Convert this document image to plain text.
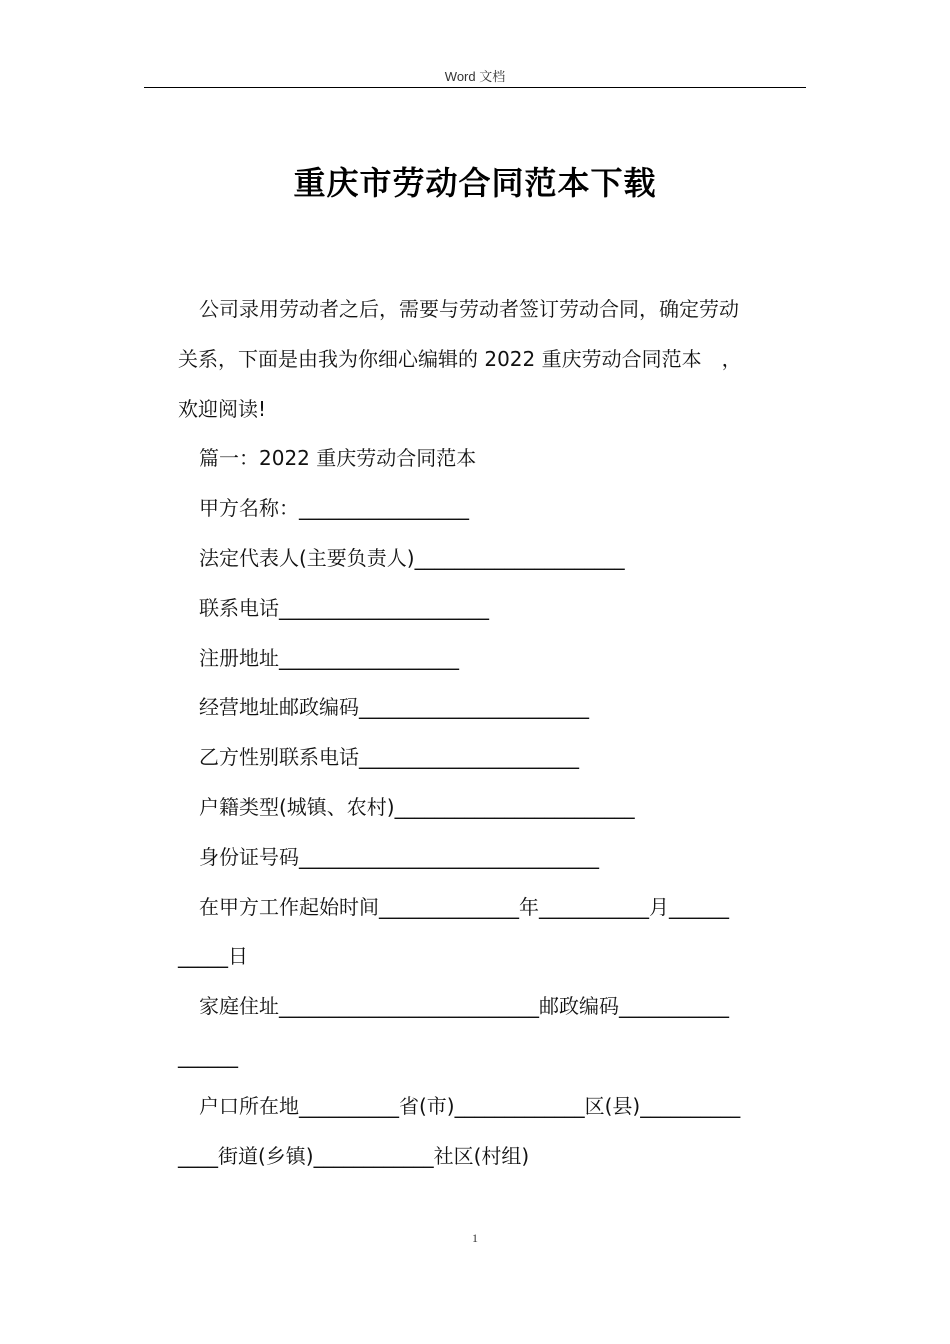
Word 文档
重庆市劳动合同范本下载

公司录用劳动者之后，需要与劳动者签订劳动合同，确定劳动

关系，下面是由我为你细心编辑的 2022 重庆劳动合同范本　，

欢迎阅读!

篇一：2022 重庆劳动合同范本

甲方名称：_________________

法定代表人(主要负责人)_____________________

联系电话_____________________

注册地址__________________

经营地址邮政编码_______________________

乙方性别联系电话______________________

户籍类型(城镇、农村)________________________

身份证号码______________________________

在甲方工作起始时间______________年___________月______

_____日

家庭住址__________________________邮政编码___________

______

户口所在地__________省(市)_____________区(县)__________

____街道(乡镇)____________社区(村组)

1
